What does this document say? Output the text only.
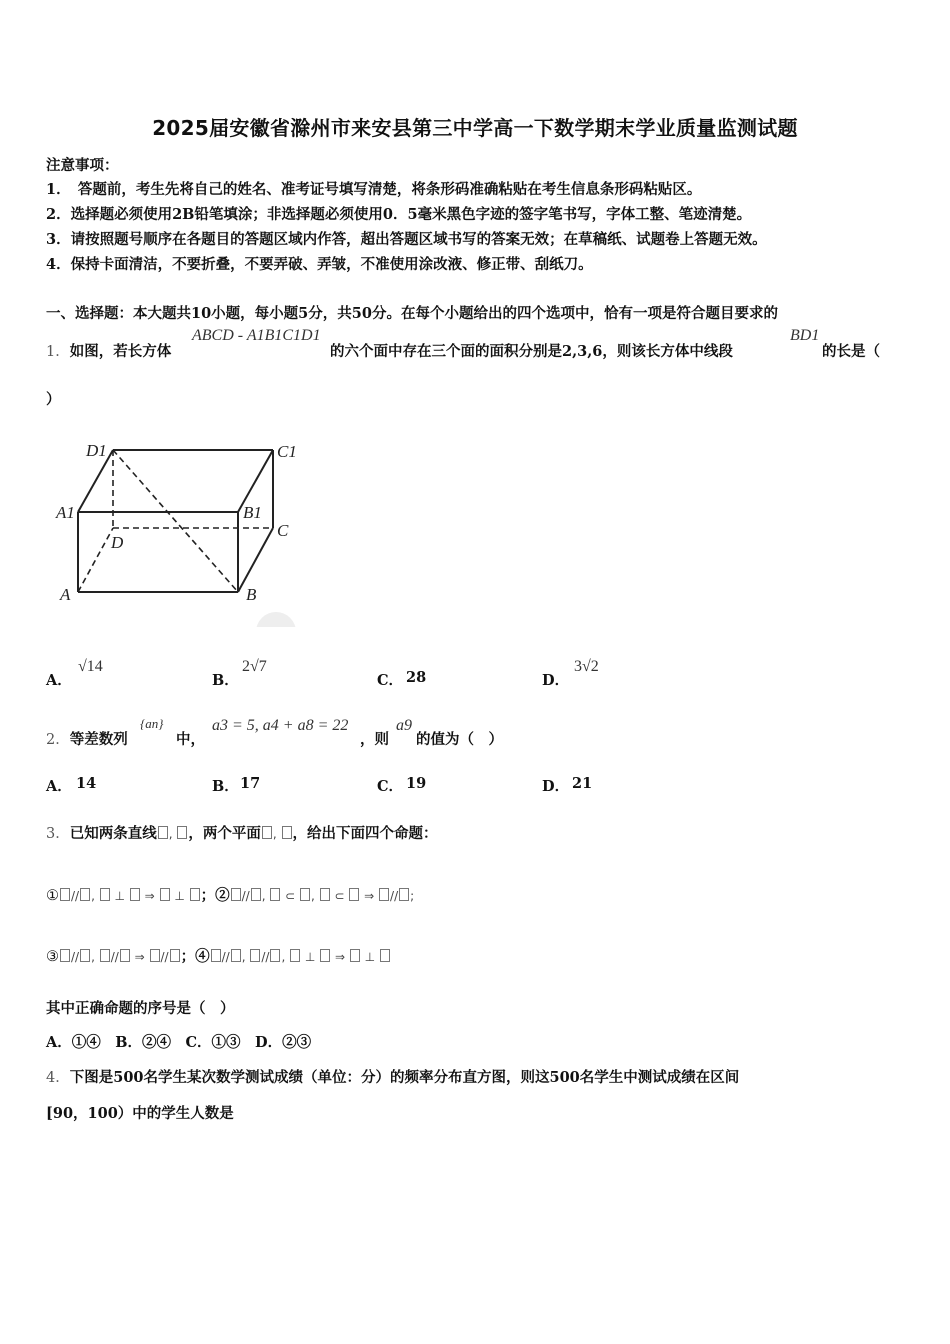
2025届安徽省滁州市来安县第三中学高一下数学期末学业质量监测试题
注意事项：
1．　答题前，考生先将自己的姓名、准考证号填写清楚，将条形码准确粘贴在考生信息条形码粘贴区。
2．选择题必须使用2B铅笔填涂；非选择题必须使用0．5毫米黑色字迹的签字笔书写，字体工整、笔迹清楚。
3．请按照题号顺序在各题目的答题区域内作答，超出答题区域书写的答案无效；在草稿纸、试题卷上答题无效。
4．保持卡面清洁，不要折叠，不要弄破、弄皱，不准使用涂改液、修正带、刮纸刀。
一、选择题：本大题共10小题，每小题5分，共50分。在每个小题给出的四个选项中，恰有一项是符合题目要求的
1．如图，若长方体
ABCD - A1B1C1D1
的六个面中存在三个面的面积分别是2,3,6，则该长方体中线段
BD1
的长是（
）
D1	C1
A1	B1
D
C
A	B
A．
√14
B．
2√7
C． 28	D．
3√2
2．等差数列
{an}
中，
a3 = 5, a4 + a8 = 22
，则
a9
的值为（　）
A． 14	B． 17	C． 19	D． 21
3．已知两条直线 , ，两个平面 , ，给出下面四个命题：
① // ,  ⊥  ⇒  ⊥ ；② // ,  ⊂ ,  ⊂  ⇒ // ;
③ // , // ⇒ // ；④ // , // ,  ⊥  ⇒  ⊥
其中正确命题的序号是（　）
A．①④　B．②④　C．①③　D．②③
4．下图是500名学生某次数学测试成绩（单位：分）的频率分布直方图，则这500名学生中测试成绩在区间
[90，100）中的学生人数是
